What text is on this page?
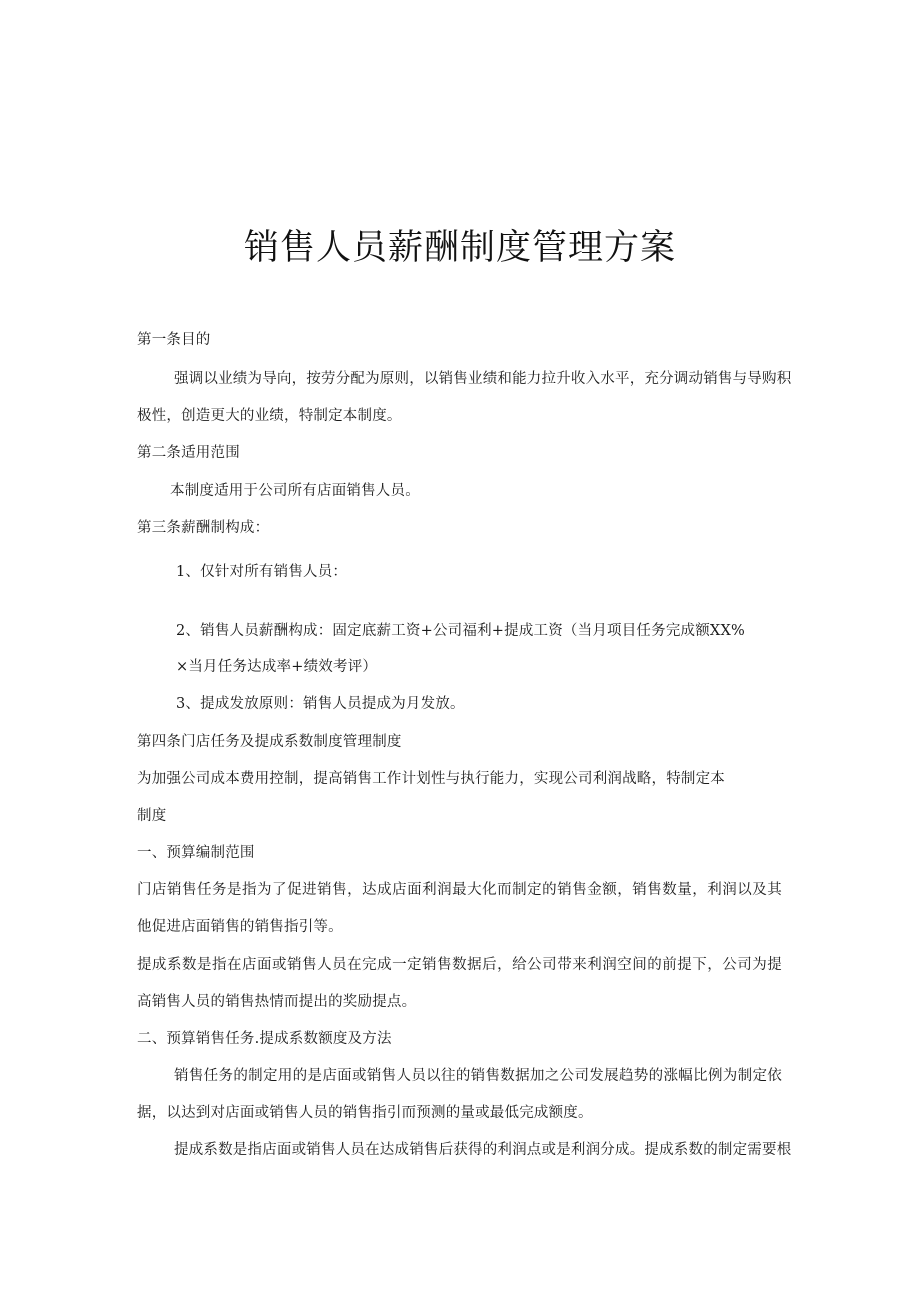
销售人员薪酬制度管理方案
第一条目的
强调以业绩为导向，按劳分配为原则，以销售业绩和能力拉升收入水平，充分调动销售与导购积
极性，创造更大的业绩，特制定本制度。
第二条适用范围
本制度适用于公司所有店面销售人员。
第三条薪酬制构成：
1、仅针对所有销售人员：
2、销售人员薪酬构成：固定底薪工资+公司福利+提成工资（当月项目任务完成额XX%
×当月任务达成率+绩效考评）
3、提成发放原则：销售人员提成为月发放。
第四条门店任务及提成系数制度管理制度
为加强公司成本费用控制，提高销售工作计划性与执行能力，实现公司利润战略，特制定本
制度
一、预算编制范围
门店销售任务是指为了促进销售，达成店面利润最大化而制定的销售金额，销售数量，利润以及其
他促进店面销售的销售指引等。
提成系数是指在店面或销售人员在完成一定销售数据后，给公司带来利润空间的前提下，公司为提
高销售人员的销售热情而提出的奖励提点。
二、预算销售任务.提成系数额度及方法
销售任务的制定用的是店面或销售人员以往的销售数据加之公司发展趋势的涨幅比例为制定依
据，以达到对店面或销售人员的销售指引而预测的量或最低完成额度。
提成系数是指店面或销售人员在达成销售后获得的利润点或是利润分成。提成系数的制定需要根
